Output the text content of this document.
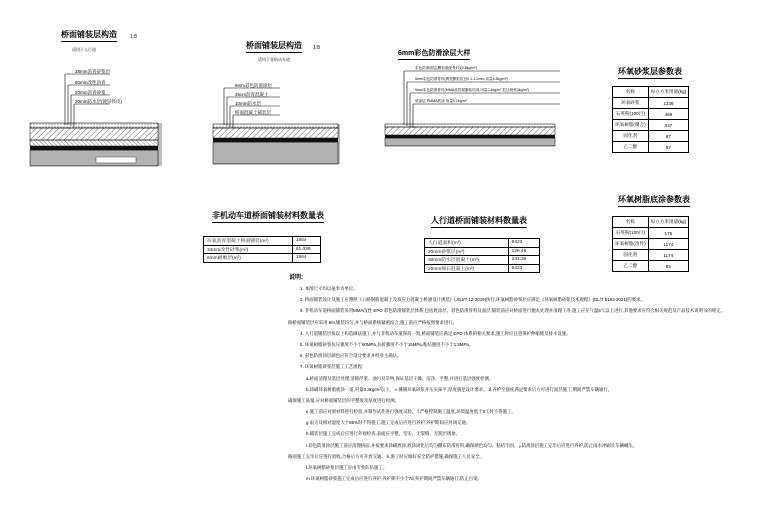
桥面铺装层构造	1:8
适用于人行道
28mm沥青砂浆层
60mm改性沥青
20mm沥青砂浆
20mm防水层(镀锌铁皮)
桥面铺装层构造 1:8
适用于非机动车道
6mm彩色防滑涂层
35cm沥青混凝土
10mm防水层
桥面混凝土铺装层
6mm彩色防滑涂层大样
彩色防滑面层(颗粒级配骨料)(0.5kg/m²)
5mm彩色防滑骨料(陶瓷颗粒粒径0.1-1.2mm,用量6.5kg/m²)
5mm彩色防滑骨料(MMA改性树脂粘结剂,用量2.4kg/m²,粒径规格3kg/m²)
底涂层 PMMA底涂 用量0.1kg/m²
环氧砂浆层参数表
名称	每立方米用量(kg)
环氧砂浆	1336
石英粉(100目)	468
环氧树脂(聚合)	337
固化剂	67
乙二醇	57
环氧树脂底涂参数表
名称	每立方米用量(kg)
石英粉(100目)	175
环氧树脂(改性)	1174
固化剂	1174
乙二醇	82
非机动车道桥面铺装材料数量表
环氧沥青混凝土桥面铺装(m²)	1864
34mm改性砂浆(m²)	61.336
6mm耐磨层(m²)	1864
人行道桥面铺装材料数量表
人行道面积(m²)	6423
20mm砂浆层(m³)	128.46
30mm防水层混凝土(m³)	231.35
20mm细石混凝土(m³)	6423
说明:
1. 本图尺寸均以毫米为单位。
2. 桥面铺装设计及施工应遵照《公路钢筋混凝土及预应力混凝土桥涵设计规范》(JGJ/T 12-2019)执行,环氧树脂砂浆层应满足《环氧树脂砂浆技术规程》(DL/T 5193-2021)的要求。
3. 非机动车道桥面铺装采用MMA改性 EPO 彩色防滑铺装层体系,包括底涂层、彩色防滑骨料及面层,铺装前应对桥面进行抛丸处理并清理干净,施工应在气温5℃以上进行,其他要求应符合相关规范及产品技术说明书的规定。
路桥面铺装层应采用 5m,铺装均匀,并与桥面系统紧密结合,施工前应严格按照要求进行。
4. 人行道铺装层按以上构造做法施工,并与非机动车道保持一致,桥面铺装应满足 EPO 体系的相关要求,施工时应注意保护伸缩缝及排水设施。
5. 环氧树脂砂浆抗压强度不小于60MPa,抗折强度不小于15MPa,粘结强度不小于1.5MPa。
6. 彩色防滑涂层颜色应符合设计要求并经业主确认。
7. 环氧树脂砂浆层施工工艺流程:
a.桥面清理及基层处理,清除浮浆、油污及杂物,保证基层干燥、洁净、平整,并进行基层强度检测。
b.涂刷环氧树脂底涂一道,用量0.3kg/m²以上。 c.摊铺环氧砂浆并压实抹平,厚度满足设计要求。 d.养护至强度满足要求后方可进行面层施工,期间严禁车辆通行。
确保施工质量,应对桥面铺装层的平整度及厚度进行检测。
e.施工前应对原材料进行检验,并制作试件进行强度试验。 f.严格控制施工温度,环境温度低于5℃时不得施工。
g.雨天及相对湿度大于85%时不得施工,施工完成后应进行养护,养护期间应封闭交通。
h.铺装层施工完成后应进行外观检查,表面应平整、坚实、无裂缝、无脱层现象。
i.彩色防滑涂层施工前应清理桥面,并按要求涂刷底涂,底涂固化后均匀撒布防滑骨料,确保颜色均匀、粘结牢固。 j.防滑涂层施工完毕后应进行养护,防止雨水冲刷及车辆碾压。
路面施工完毕后应进行验收,合格后方可开放交通。 k.施工时应做好安全防护措施,确保施工人员安全。
l.环氧树脂砂浆层施工应由专业队伍施工。
m.环氧树脂砂浆施工完成后应进行养护,养护期不少于7d,养护期间严禁车辆通行,防止污染。
